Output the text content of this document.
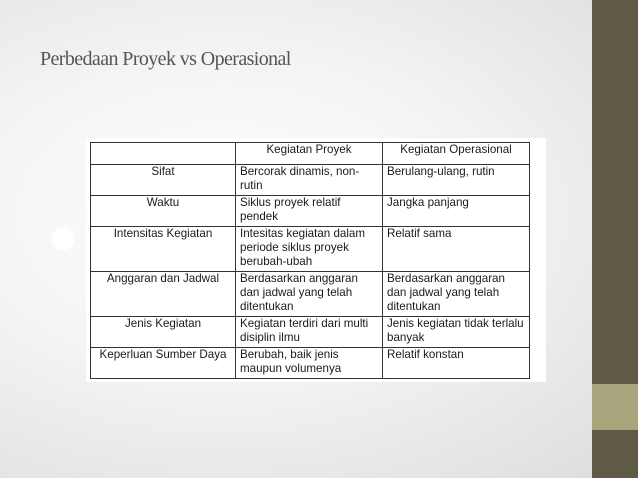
Perbedaan Proyek vs Operasional
	Kegiatan Proyek	Kegiatan Operasional
Sifat	Bercorak dinamis, non-rutin	Berulang-ulang, rutin
Waktu	Siklus proyek relatif pendek	Jangka panjang
Intensitas Kegiatan	Intesitas kegiatan dalam periode siklus proyek berubah-ubah	Relatif sama
Anggaran dan Jadwal	Berdasarkan anggaran dan jadwal yang telah ditentukan	Berdasarkan anggaran dan jadwal yang telah ditentukan
Jenis Kegiatan	Kegiatan terdiri dari multi disiplin ilmu	Jenis kegiatan tidak terlalu banyak
Keperluan Sumber Daya	Berubah, baik jenis maupun volumenya	Relatif konstan
